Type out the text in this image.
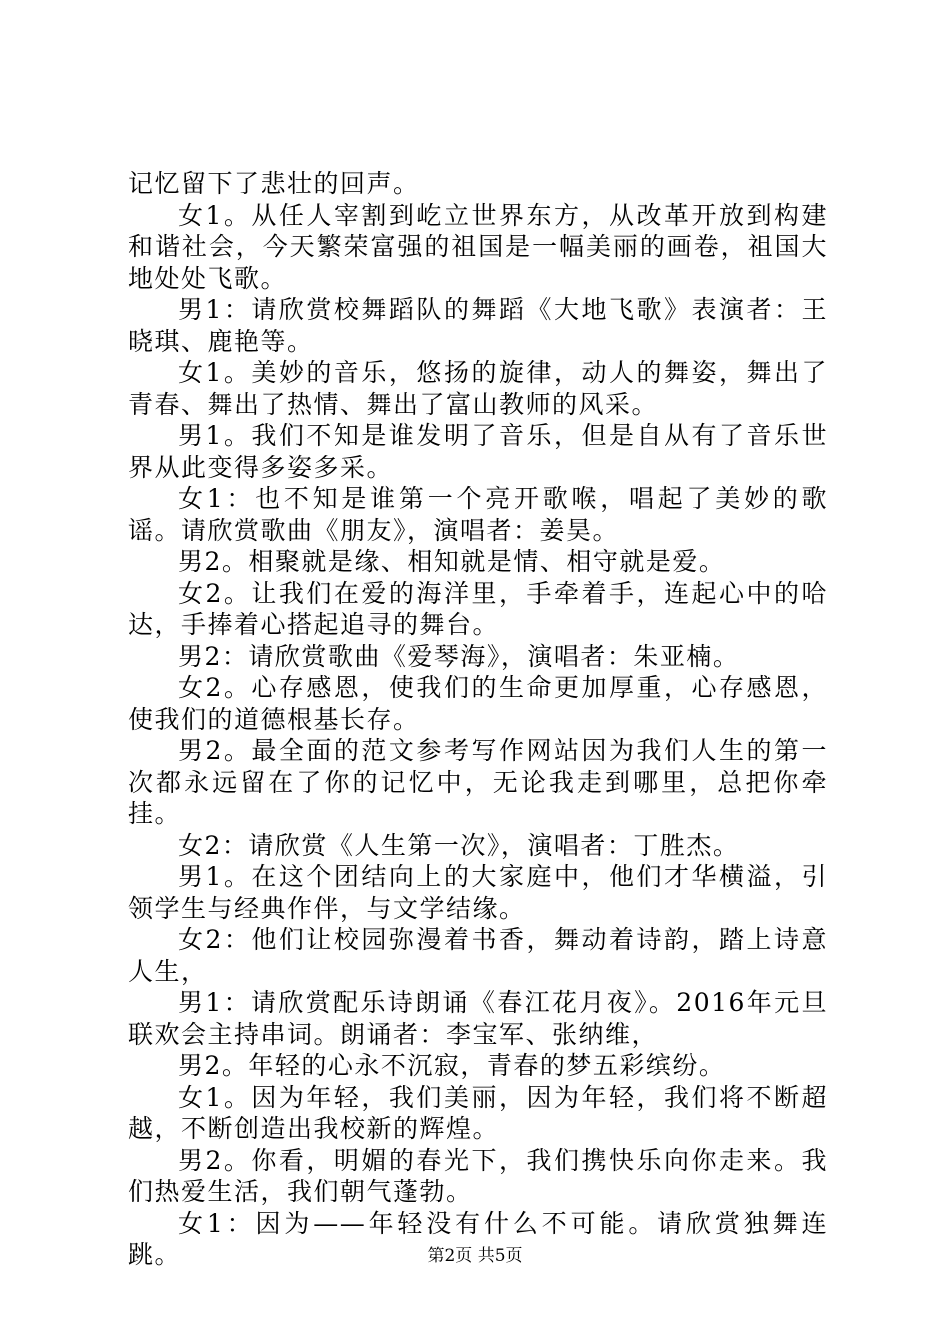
记忆留下了悲壮的回声。

女1。从任人宰割到屹立世界东方，从改革开放到构建和谐社会，今天繁荣富强的祖国是一幅美丽的画卷，祖国大地处处飞歌。

男1：请欣赏校舞蹈队的舞蹈《大地飞歌》表演者：王晓琪、鹿艳等。

女1。美妙的音乐，悠扬的旋律，动人的舞姿，舞出了青春、舞出了热情、舞出了富山教师的风采。

男1。我们不知是谁发明了音乐，但是自从有了音乐世界从此变得多姿多采。

女1：也不知是谁第一个亮开歌喉，唱起了美妙的歌谣。请欣赏歌曲《朋友》，演唱者：姜昊。

男2。相聚就是缘、相知就是情、相守就是爱。

女2。让我们在爱的海洋里，手牵着手，连起心中的哈达，手捧着心搭起追寻的舞台。

男2：请欣赏歌曲《爱琴海》，演唱者：朱亚楠。

女2。心存感恩，使我们的生命更加厚重，心存感恩，使我们的道德根基长存。

男2。最全面的范文参考写作网站因为我们人生的第一次都永远留在了你的记忆中，无论我走到哪里，总把你牵挂。

女2：请欣赏《人生第一次》，演唱者：丁胜杰。

男1。在这个团结向上的大家庭中，他们才华横溢，引领学生与经典作伴，与文学结缘。

女2：他们让校园弥漫着书香，舞动着诗韵，踏上诗意人生，

男1：请欣赏配乐诗朗诵《春江花月夜》。2016年元旦联欢会主持串词。朗诵者：李宝军、张纳维，

男2。年轻的心永不沉寂，青春的梦五彩缤纷。

女1。因为年轻，我们美丽，因为年轻，我们将不断超越，不断创造出我校新的辉煌。

男2。你看，明媚的春光下，我们携快乐向你走来。我们热爱生活，我们朝气蓬勃。

女1：因为——年轻没有什么不可能。请欣赏独舞连跳。	第2页 共5页
